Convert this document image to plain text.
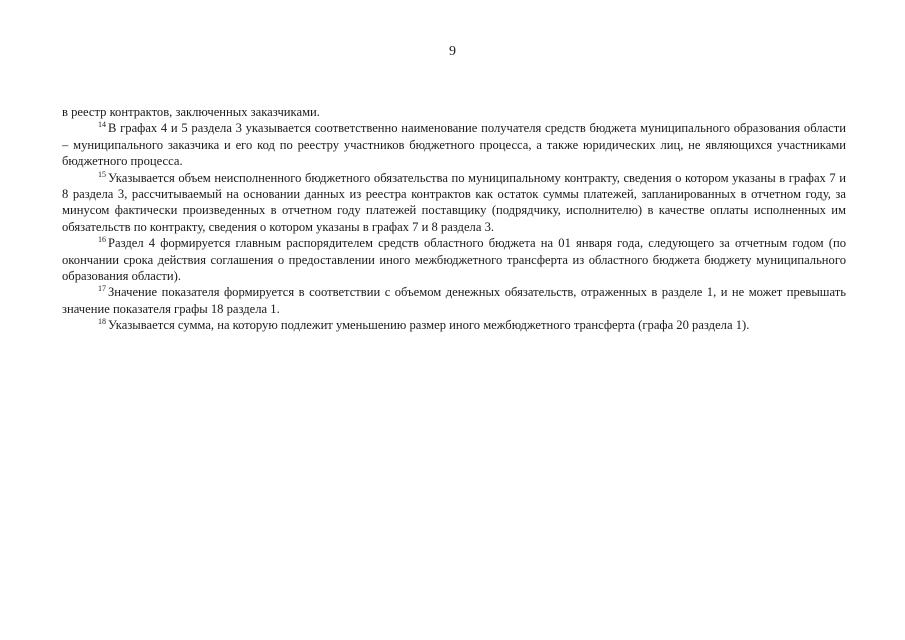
9

в реестр контрактов, заключенных заказчиками.

$^{14}$ В графах 4 и 5 раздела 3 указывается соответственно наименование получателя средств бюджета муниципального образования области – муниципального заказчика и его код по реестру участников бюджетного процесса, а также юридических лиц, не являющихся участниками бюджетного процесса.

$^{15}$ Указывается объем неисполненного бюджетного обязательства по муниципальному контракту, сведения о котором указаны в графах 7 и 8 раздела 3, рассчитываемый на основании данных из реестра контрактов как остаток суммы платежей, запланированных в отчетном году, за минусом фактически произведенных в отчетном году платежей поставщику (подрядчику, исполнителю) в качестве оплаты исполненных им обязательств по контракту, сведения о котором указаны в графах 7 и 8 раздела 3.

$^{16}$ Раздел 4 формируется главным распорядителем средств областного бюджета на 01 января года, следующего за отчетным годом (по окончании срока действия соглашения о предоставлении иного межбюджетного трансферта из областного бюджета бюджету муниципального образования области).

$^{17}$ Значение показателя формируется в соответствии с объемом денежных обязательств, отраженных в разделе 1, и не может превышать значение показателя графы 18 раздела 1.

$^{18}$ Указывается сумма, на которую подлежит уменьшению размер иного межбюджетного трансферта (графа 20 раздела 1).
